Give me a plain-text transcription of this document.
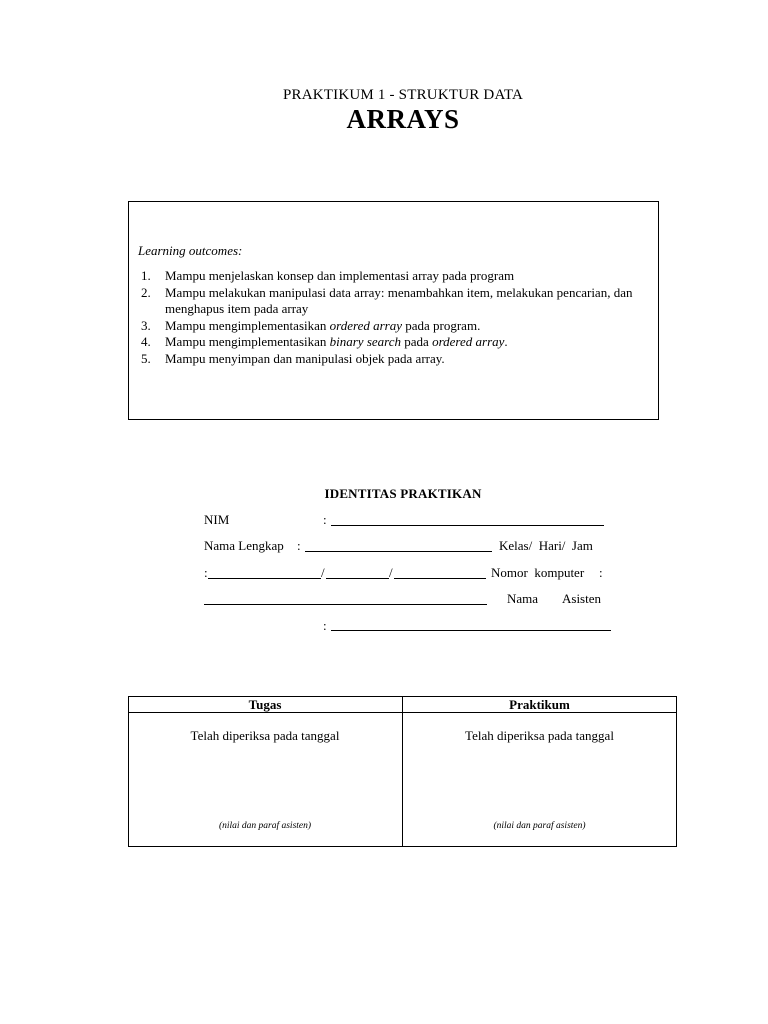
PRAKTIKUM 1 - STRUKTUR DATA
ARRAYS
Learning outcomes:
1.	Mampu menjelaskan konsep dan implementasi array pada program
2.	Mampu melakukan manipulasi data array: menambahkan item, melakukan pencarian, dan menghapus item pada array
3.	Mampu mengimplementasikan ordered array pada program.
4.	Mampu mengimplementasikan binary search pada ordered array.
5.	Mampu menyimpan dan manipulasi objek pada array.
IDENTITAS PRAKTIKAN
NIM	:
Nama Lengkap :	Kelas/  Hari/  Jam
:	/	/	Nomor  komputer :
Nama Asisten
:
Tugas	Praktikum
Telah diperiksa pada tanggal	Telah diperiksa pada tanggal
(nilai dan paraf asisten)	(nilai dan paraf asisten)
